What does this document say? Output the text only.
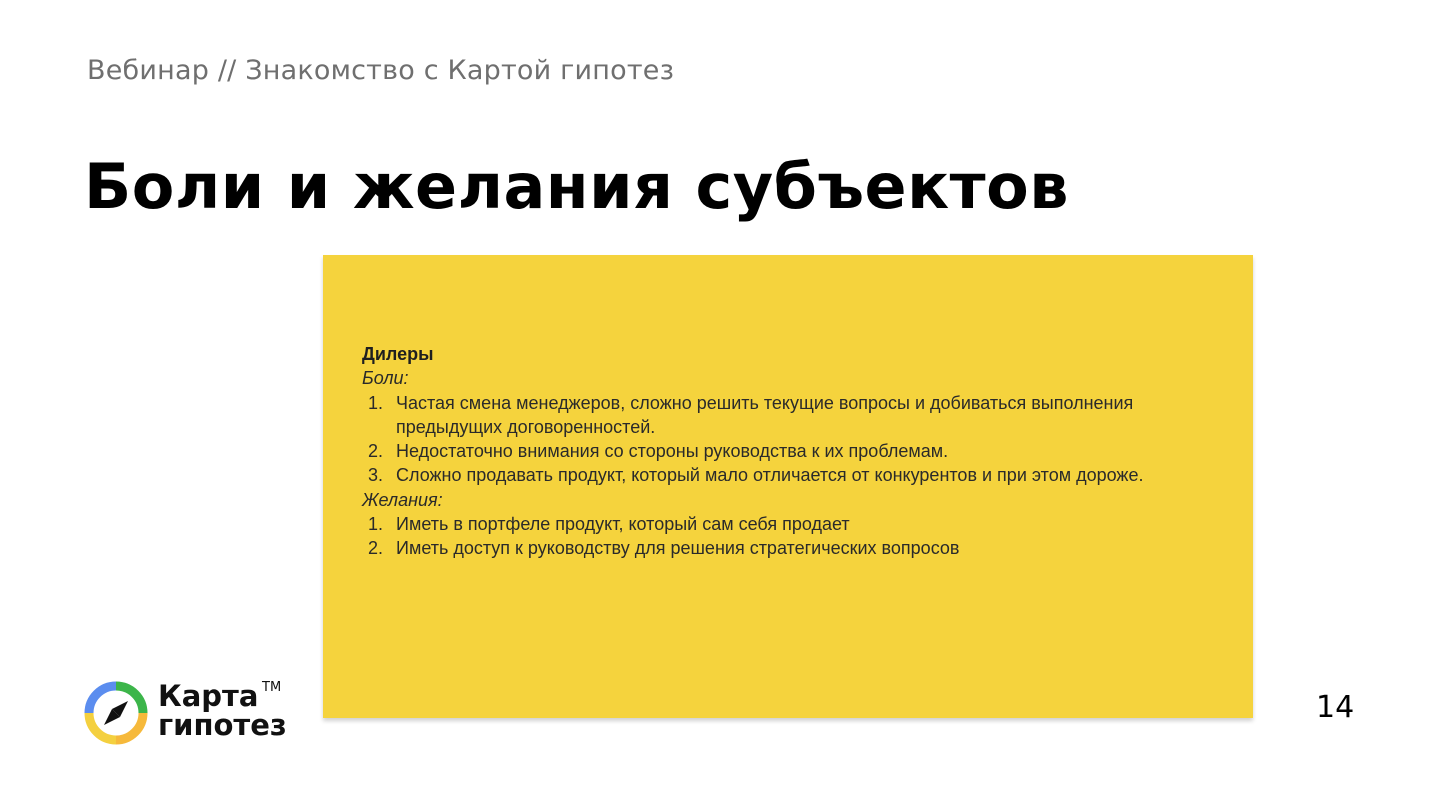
Вебинар // Знакомство с Картой гипотез
Боли и желания субъектов
Дилеры
Боли:
1. Частая смена менеджеров, сложно решить текущие вопросы и добиваться выполнения предыдущих договоренностей.
2. Недостаточно внимания со стороны руководства к их проблемам.
3. Сложно продавать продукт, который мало отличается от конкурентов и при этом дороже.
Желания:
1. Иметь в портфеле продукт, который сам себя продает
2. Иметь доступ к руководству для решения стратегических вопросов
Карта
гипотез
TM
14
